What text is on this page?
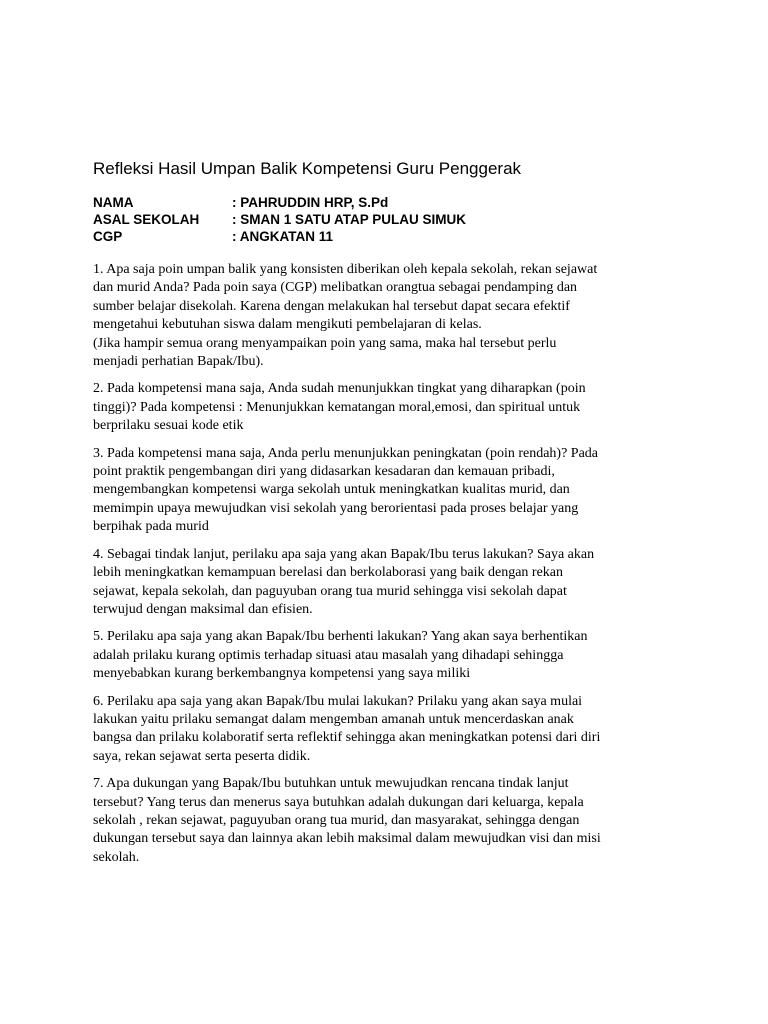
Refleksi Hasil Umpan Balik Kompetensi Guru Penggerak
NAMA	: PAHRUDDIN HRP, S.Pd
ASAL SEKOLAH : SMAN 1 SATU ATAP PULAU SIMUK
CGP	: ANGKATAN 11
1. Apa saja poin umpan balik yang konsisten diberikan oleh kepala sekolah, rekan sejawat
dan murid Anda? Pada poin saya (CGP) melibatkan orangtua sebagai pendamping dan
sumber belajar disekolah. Karena dengan melakukan hal tersebut dapat secara efektif
mengetahui kebutuhan siswa dalam mengikuti pembelajaran di kelas.
(Jika hampir semua orang menyampaikan poin yang sama, maka hal tersebut perlu
menjadi perhatian Bapak/Ibu).
2. Pada kompetensi mana saja, Anda sudah menunjukkan tingkat yang diharapkan (poin
tinggi)? Pada kompetensi : Menunjukkan kematangan moral,emosi, dan spiritual untuk
berprilaku sesuai kode etik
3. Pada kompetensi mana saja, Anda perlu menunjukkan peningkatan (poin rendah)? Pada
point praktik pengembangan diri yang didasarkan kesadaran dan kemauan pribadi,
mengembangkan kompetensi warga sekolah untuk meningkatkan kualitas murid, dan
memimpin upaya mewujudkan visi sekolah yang berorientasi pada proses belajar yang
berpihak pada murid
4. Sebagai tindak lanjut, perilaku apa saja yang akan Bapak/Ibu terus lakukan? Saya akan
lebih meningkatkan kemampuan berelasi dan berkolaborasi yang baik dengan rekan
sejawat, kepala sekolah, dan paguyuban orang tua murid sehingga visi sekolah dapat
terwujud dengan maksimal dan efisien.
5. Perilaku apa saja yang akan Bapak/Ibu berhenti lakukan? Yang akan saya berhentikan
adalah prilaku kurang optimis terhadap situasi atau masalah yang dihadapi sehingga
menyebabkan kurang berkembangnya kompetensi yang saya miliki
6. Perilaku apa saja yang akan Bapak/Ibu mulai lakukan? Prilaku yang akan saya mulai
lakukan yaitu prilaku semangat dalam mengemban amanah untuk mencerdaskan anak
bangsa dan prilaku kolaboratif serta reflektif sehingga akan meningkatkan potensi dari diri
saya, rekan sejawat serta peserta didik.
7. Apa dukungan yang Bapak/Ibu butuhkan untuk mewujudkan rencana tindak lanjut
tersebut? Yang terus dan menerus saya butuhkan adalah dukungan dari keluarga, kepala
sekolah , rekan sejawat, paguyuban orang tua murid, dan masyarakat, sehingga dengan
dukungan tersebut saya dan lainnya akan lebih maksimal dalam mewujudkan visi dan misi
sekolah.
